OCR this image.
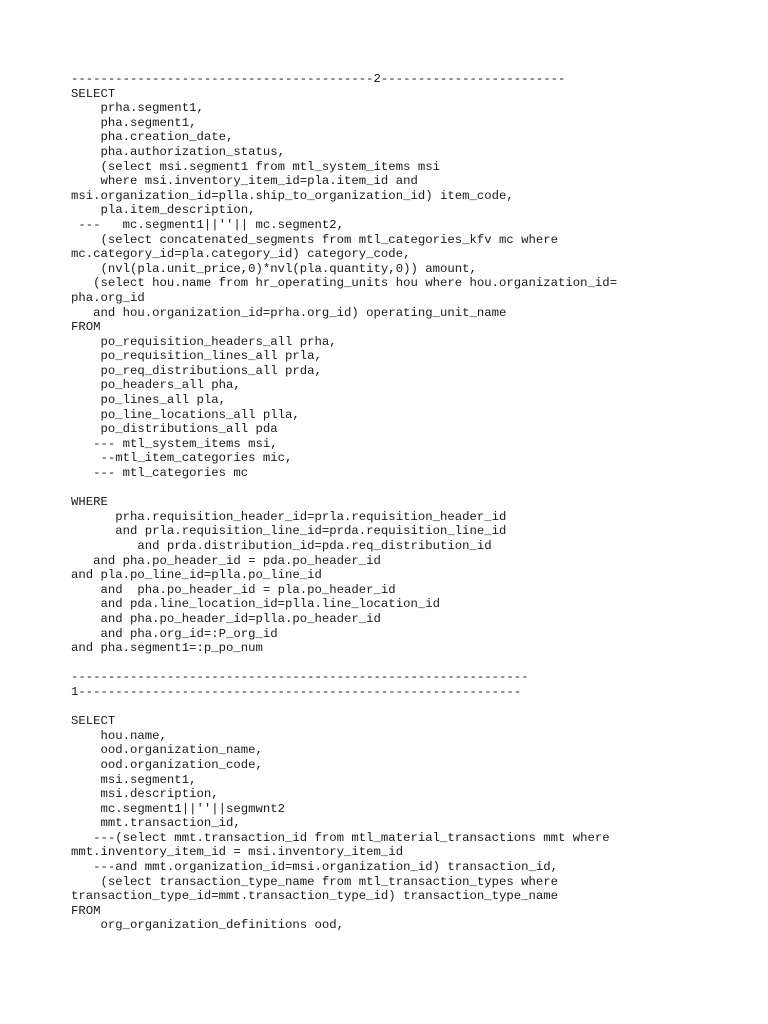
-----------------------------------------2-------------------------
SELECT
prha.segment1,
pha.segment1,
pha.creation_date,
pha.authorization_status,
(select msi.segment1 from mtl_system_items msi
where msi.inventory_item_id=pla.item_id and
msi.organization_id=plla.ship_to_organization_id) item_code,
pla.item_description,
---   mc.segment1||''|| mc.segment2,
(select concatenated_segments from mtl_categories_kfv mc where
mc.category_id=pla.category_id) category_code,
(nvl(pla.unit_price,0)*nvl(pla.quantity,0)) amount,
(select hou.name from hr_operating_units hou where hou.organization_id=
pha.org_id
and hou.organization_id=prha.org_id) operating_unit_name
FROM
po_requisition_headers_all prha,
po_requisition_lines_all prla,
po_req_distributions_all prda,
po_headers_all pha,
po_lines_all pla,
po_line_locations_all plla,
po_distributions_all pda
--- mtl_system_items msi,
--mtl_item_categories mic,
--- mtl_categories mc
WHERE
prha.requisition_header_id=prla.requisition_header_id
and prla.requisition_line_id=prda.requisition_line_id
and prda.distribution_id=pda.req_distribution_id
and pha.po_header_id = pda.po_header_id
and pla.po_line_id=plla.po_line_id
and  pha.po_header_id = pla.po_header_id
and pda.line_location_id=plla.line_location_id
and pha.po_header_id=plla.po_header_id
and pha.org_id=:P_org_id
and pha.segment1=:p_po_num
--------------------------------------------------------------
1------------------------------------------------------------
SELECT
hou.name,
ood.organization_name,
ood.organization_code,
msi.segment1,
msi.description,
mc.segment1||''||segmwnt2
mmt.transaction_id,
---(select mmt.transaction_id from mtl_material_transactions mmt where
mmt.inventory_item_id = msi.inventory_item_id
---and mmt.organization_id=msi.organization_id) transaction_id,
(select transaction_type_name from mtl_transaction_types where
transaction_type_id=mmt.transaction_type_id) transaction_type_name
FROM
org_organization_definitions ood,
